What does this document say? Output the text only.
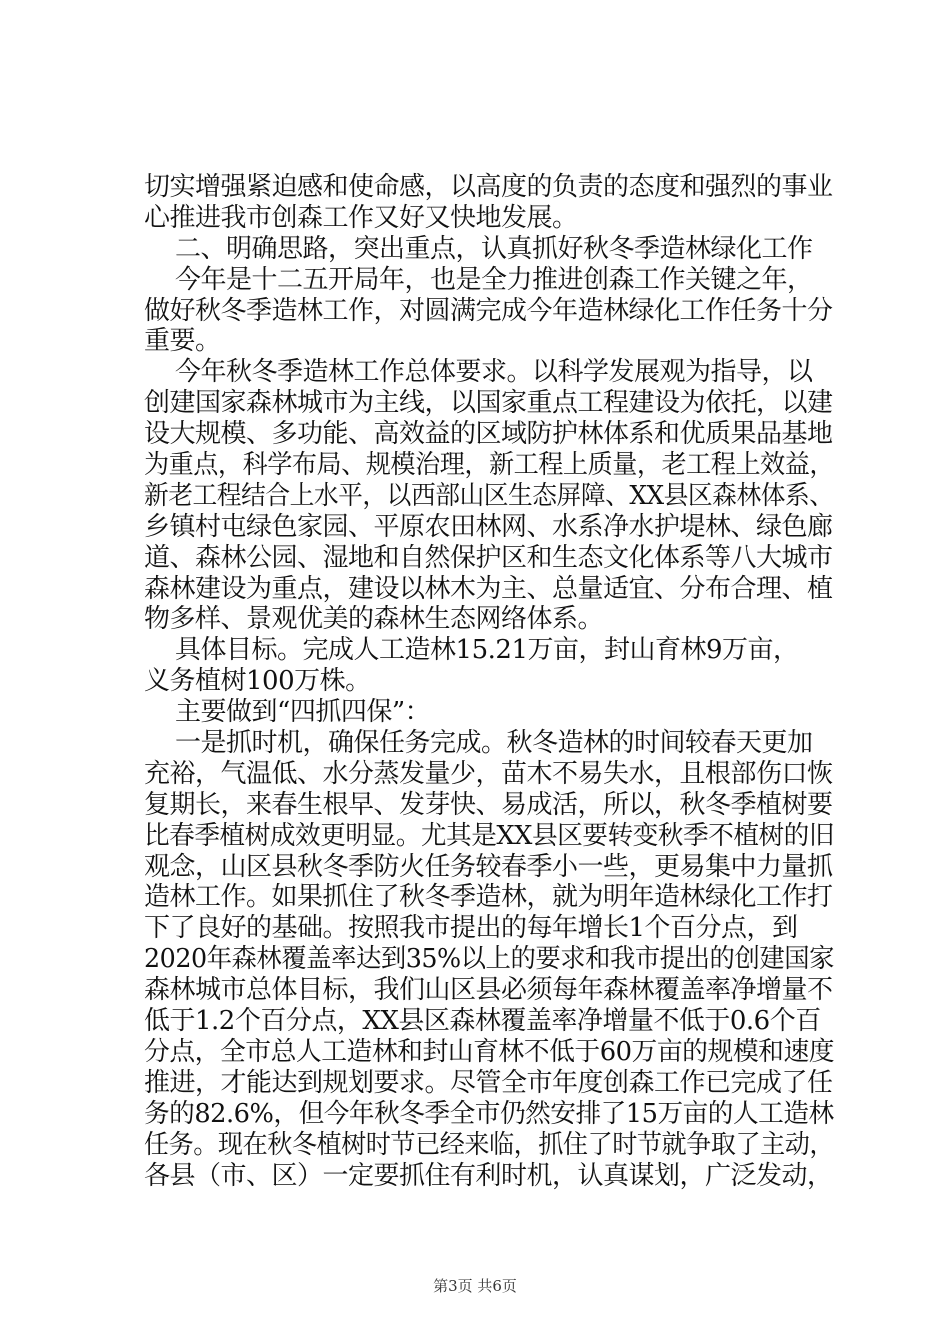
切实增强紧迫感和使命感，以高度的负责的态度和强烈的事业
心推进我市创森工作又好又快地发展。
二、明确思路，突出重点，认真抓好秋冬季造林绿化工作
今年是十二五开局年，也是全力推进创森工作关键之年，
做好秋冬季造林工作，对圆满完成今年造林绿化工作任务十分
重要。
今年秋冬季造林工作总体要求。以科学发展观为指导，以
创建国家森林城市为主线，以国家重点工程建设为依托，以建
设大规模、多功能、高效益的区域防护林体系和优质果品基地
为重点，科学布局、规模治理，新工程上质量，老工程上效益，
新老工程结合上水平，以西部山区生态屏障、XX县区森林体系、
乡镇村屯绿色家园、平原农田林网、水系净水护堤林、绿色廊
道、森林公园、湿地和自然保护区和生态文化体系等八大城市
森林建设为重点，建设以林木为主、总量适宜、分布合理、植
物多样、景观优美的森林生态网络体系。
具体目标。完成人工造林15.21万亩，封山育林9万亩，
义务植树100万株。
主要做到“四抓四保”：
一是抓时机，确保任务完成。秋冬造林的时间较春天更加
充裕，气温低、水分蒸发量少，苗木不易失水，且根部伤口恢
复期长，来春生根早、发芽快、易成活，所以，秋冬季植树要
比春季植树成效更明显。尤其是XX县区要转变秋季不植树的旧
观念，山区县秋冬季防火任务较春季小一些，更易集中力量抓
造林工作。如果抓住了秋冬季造林，就为明年造林绿化工作打
下了良好的基础。按照我市提出的每年增长1个百分点，到
2020年森林覆盖率达到35%以上的要求和我市提出的创建国家
森林城市总体目标，我们山区县必须每年森林覆盖率净增量不
低于1.2个百分点，XX县区森林覆盖率净增量不低于0.6个百
分点，全市总人工造林和封山育林不低于60万亩的规模和速度
推进，才能达到规划要求。尽管全市年度创森工作已完成了任
务的82.6%，但今年秋冬季全市仍然安排了15万亩的人工造林
任务。现在秋冬植树时节已经来临，抓住了时节就争取了主动，
各县（市、区）一定要抓住有利时机，认真谋划，广泛发动，
第3页 共6页
